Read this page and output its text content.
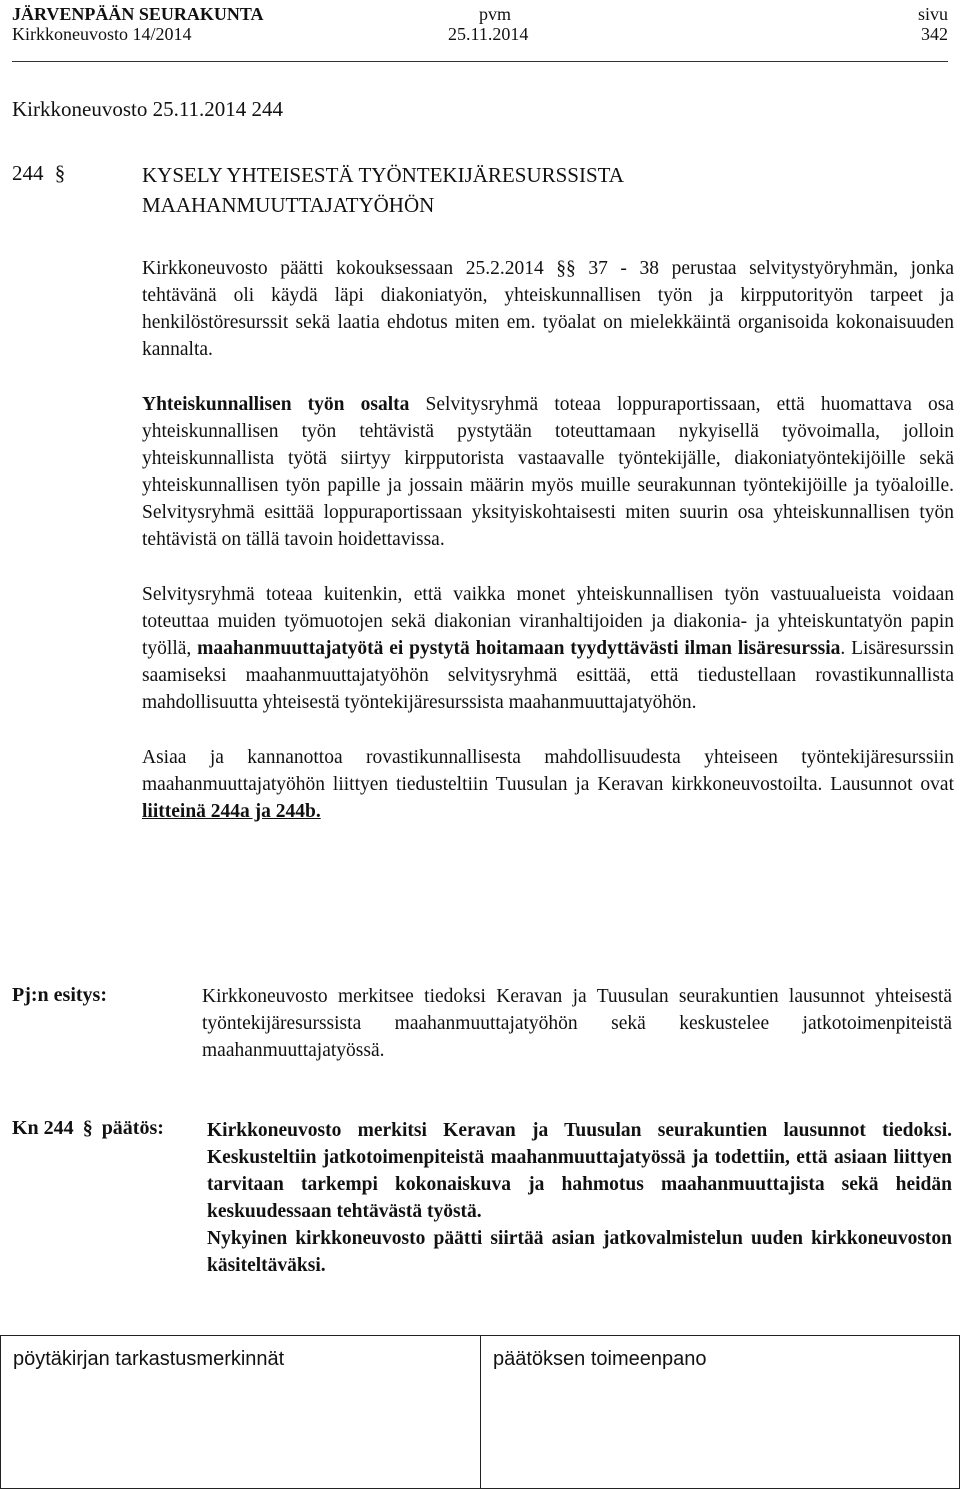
JÄRVENPÄÄN SEURAKUNTA
Kirkkoneuvosto 14/2014
pvm
25.11.2014
sivu
342
Kirkkoneuvosto 25.11.2014 244
244 §	KYSELY YHTEISESTÄ TYÖNTEKIJÄRESURSSISTA
MAAHANMUUTTAJATYÖHÖN

Kirkkoneuvosto päätti kokouksessaan 25.2.2014 §§ 37 - 38 perustaa selvitystyöryhmän, jonka tehtävänä oli käydä läpi diakoniatyön, yhteiskunnallisen työn ja kirpputorityön tarpeet ja henkilöstöresurssit sekä laatia ehdotus miten em. työalat on mielekkäintä organisoida kokonaisuuden kannalta.

Yhteiskunnallisen työn osalta Selvitysryhmä toteaa loppuraportissaan, että huomattava osa yhteiskunnallisen työn tehtävistä pystytään toteuttamaan nykyisellä työvoimalla, jolloin yhteiskunnallista työtä siirtyy kirpputorista vastaavalle työntekijälle, diakoniatyöntekijöille sekä yhteiskunnallisen työn papille ja jossain määrin myös muille seurakunnan työntekijöille ja työaloille. Selvitysryhmä esittää loppuraportissaan yksityiskohtaisesti miten suurin osa yhteiskunnallisen työn tehtävistä on tällä tavoin hoidettavissa.

Selvitysryhmä toteaa kuitenkin, että vaikka monet yhteiskunnallisen työn vastuualueista voidaan toteuttaa muiden työmuotojen sekä diakonian viranhaltijoiden ja diakonia- ja yhteiskuntatyön papin työllä, maahanmuuttajatyötä ei pystytä hoitamaan tyydyttävästi ilman lisäresurssia. Lisäresurssin saamiseksi maahanmuuttajatyöhön selvitysryhmä esittää, että tiedustellaan rovastikunnallista mahdollisuutta yhteisestä työntekijäresurssista maahanmuuttajatyöhön.

Asiaa ja kannanottoa rovastikunnallisesta mahdollisuudesta yhteiseen työntekijäresurssiin maahanmuuttajatyöhön liittyen tiedusteltiin Tuusulan ja Keravan kirkkoneuvostoilta. Lausunnot ovat liitteinä 244a ja 244b.

Pj:n esitys:	Kirkkoneuvosto merkitsee tiedoksi Keravan ja Tuusulan seurakuntien lausunnot yhteisestä työntekijäresurssista maahanmuuttajatyöhön sekä keskustelee jatkotoimenpiteistä maahanmuuttajatyössä.
Kn 244 § päätös: Kirkkoneuvosto merkitsi Keravan ja Tuusulan seurakuntien lausunnot tiedoksi. Keskusteltiin jatkotoimenpiteistä maahanmuuttajatyössä ja todettiin, että asiaan liittyen tarvitaan tarkempi kokonaiskuva ja hahmotus maahanmuuttajista sekä heidän keskuudessaan tehtävästä työstä.

Nykyinen kirkkoneuvosto päätti siirtää asian jatkovalmistelun uuden kirkkoneuvoston käsiteltäväksi.

pöytäkirjan tarkastusmerkinnät	päätöksen toimeenpano
